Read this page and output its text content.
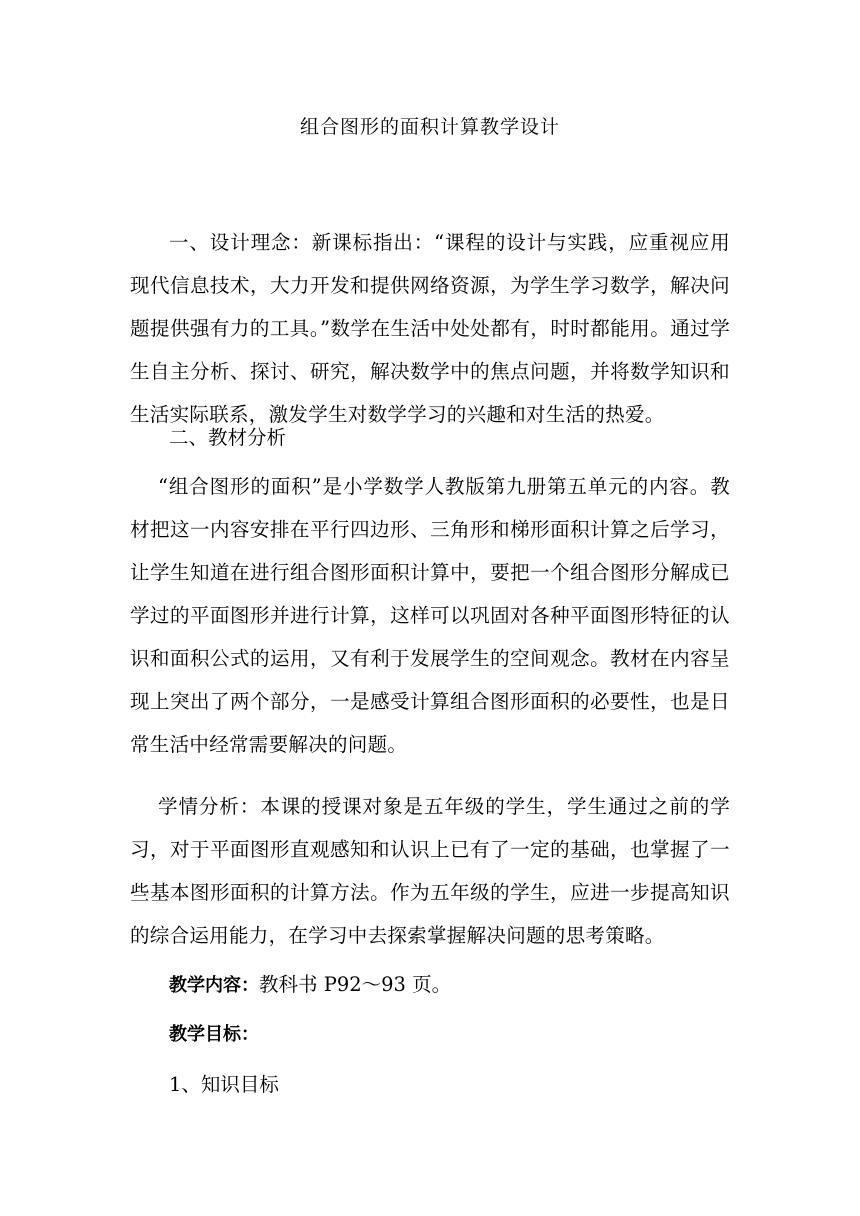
组合图形的面积计算教学设计
一、设计理念：新课标指出：“课程的设计与实践，应重视应用现代信息技术，大力开发和提供网络资源，为学生学习数学，解决问题提供强有力的工具。”数学在生活中处处都有，时时都能用。通过学生自主分析、探讨、研究，解决数学中的焦点问题，并将数学知识和生活实际联系，激发学生对数学学习的兴趣和对生活的热爱。
二、教材分析
“组合图形的面积”是小学数学人教版第九册第五单元的内容。教材把这一内容安排在平行四边形、三角形和梯形面积计算之后学习，让学生知道在进行组合图形面积计算中，要把一个组合图形分解成已学过的平面图形并进行计算，这样可以巩固对各种平面图形特征的认识和面积公式的运用，又有利于发展学生的空间观念。教材在内容呈现上突出了两个部分，一是感受计算组合图形面积的必要性，也是日常生活中经常需要解决的问题。
学情分析：本课的授课对象是五年级的学生，学生通过之前的学习，对于平面图形直观感知和认识上已有了一定的基础，也掌握了一些基本图形面积的计算方法。作为五年级的学生，应进一步提高知识的综合运用能力，在学习中去探索掌握解决问题的思考策略。
教学内容：教科书 P92～93 页。
教学目标：
1、知识目标
